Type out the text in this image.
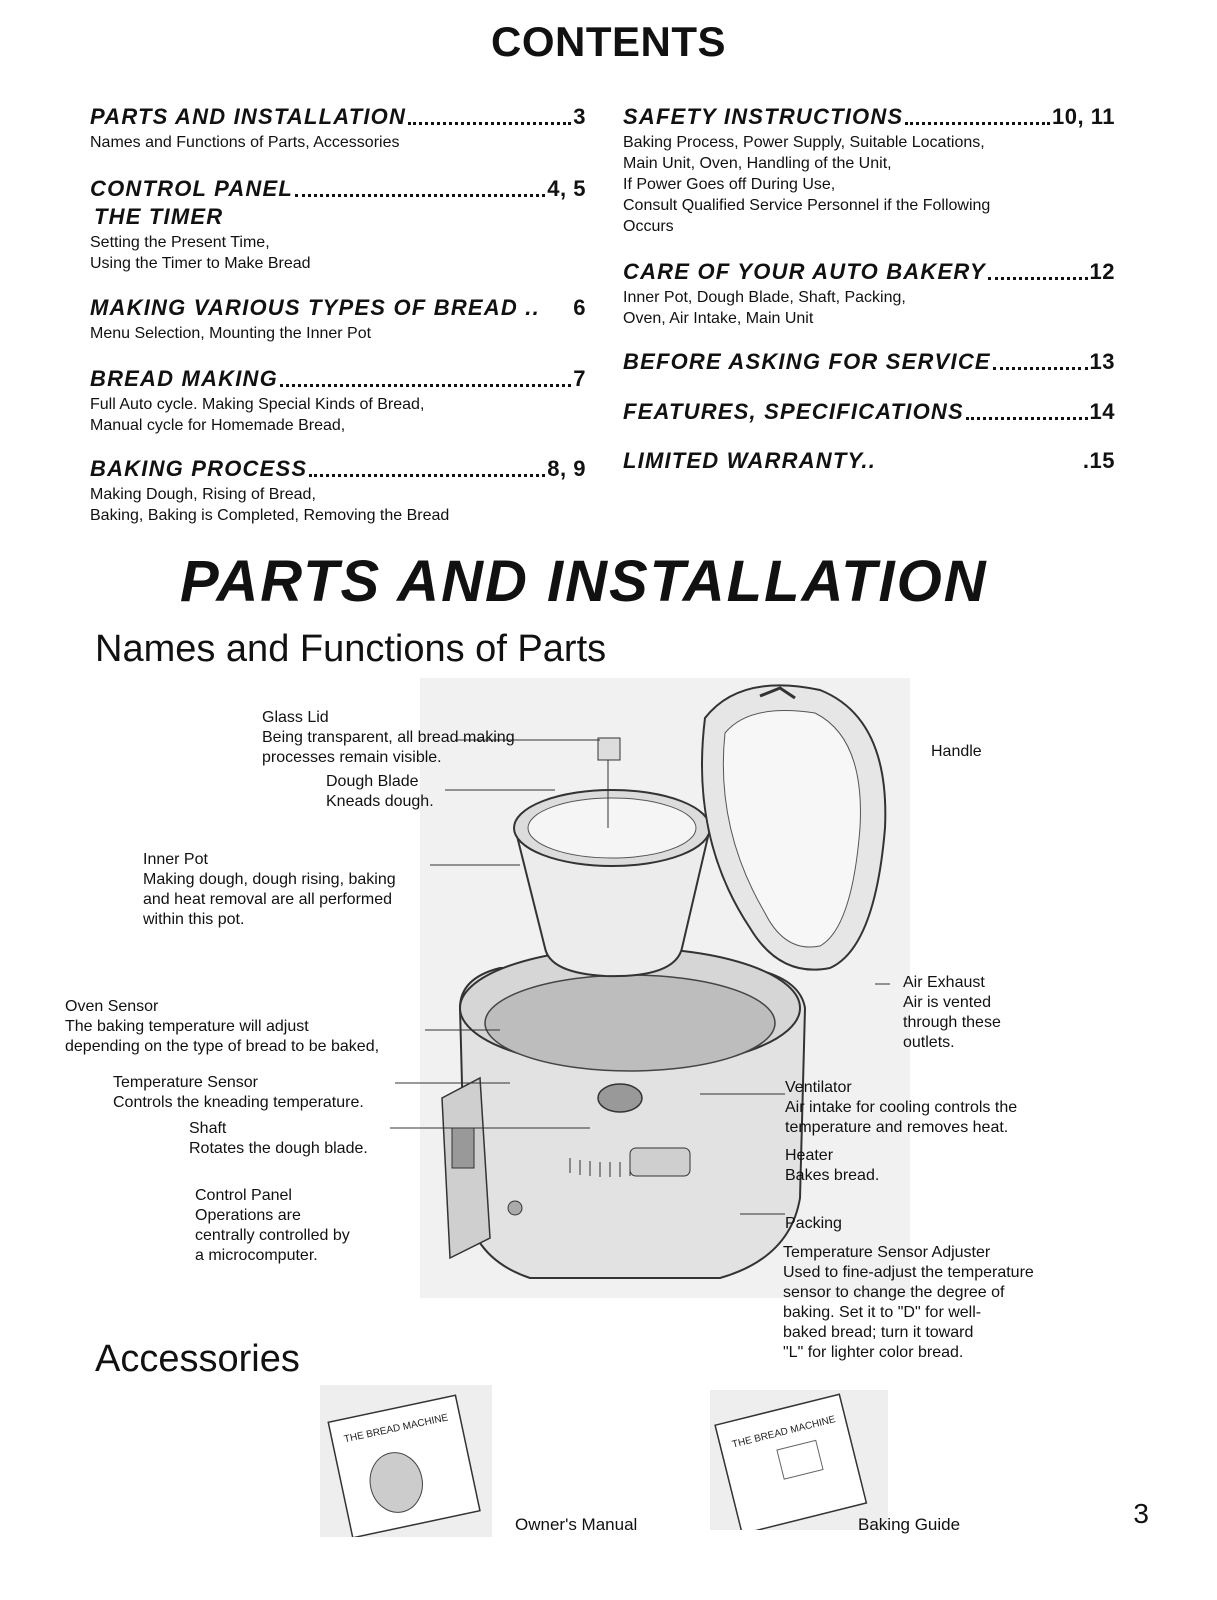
CONTENTS
PARTS AND INSTALLATION	3
Names and Functions of Parts, Accessories
CONTROL PANEL	4, 5
THE TIMER
Setting the Present Time,
Using the Timer to Make Bread
MAKING VARIOUS TYPES OF BREAD .. 6
Menu Selection, Mounting the Inner Pot
BREAD MAKING	7
Full Auto cycle. Making Special Kinds of Bread,
Manual cycle for Homemade Bread,
BAKING PROCESS	8, 9
Making Dough, Rising of Bread,
Baking, Baking is Completed, Removing the Bread
SAFETY INSTRUCTIONS	10, 11
Baking Process, Power Supply, Suitable Locations,
Main Unit, Oven, Handling of the Unit,
If Power Goes off During Use,
Consult Qualified Service Personnel if the Following
Occurs
CARE OF YOUR AUTO BAKERY	12
Inner Pot, Dough Blade, Shaft, Packing,
Oven, Air Intake, Main Unit
BEFORE ASKING FOR SERVICE	13
FEATURES, SPECIFICATIONS	14
LIMITED WARRANTY..	.15
PARTS AND INSTALLATION
Names and Functions of Parts
Accessories

Glass Lid
Being transparent, all bread making
processes remain visible.

Dough Blade
Kneads dough.

Inner Pot
Making dough, dough rising, baking
and heat removal are all performed
within this pot.

Oven Sensor
The baking temperature will adjust
depending on the type of bread to be baked,

Temperature Sensor
Controls the kneading temperature.

Shaft
Rotates the dough blade.

Control Panel
Operations are
centrally controlled by
a microcomputer.

Handle

Air Exhaust
Air is vented
through these
outlets.

Ventilator
Air intake for cooling controls the
temperature and removes heat.

Heater
Bakes bread.

Packing

Temperature Sensor Adjuster
Used to fine-adjust the temperature
sensor to change the degree of
baking. Set it to "D" for well-
baked bread; turn it toward
"L" for lighter color bread.

THE BREAD MACHINE
Owner's Manual
THE BREAD MACHINE
Baking Guide	3
